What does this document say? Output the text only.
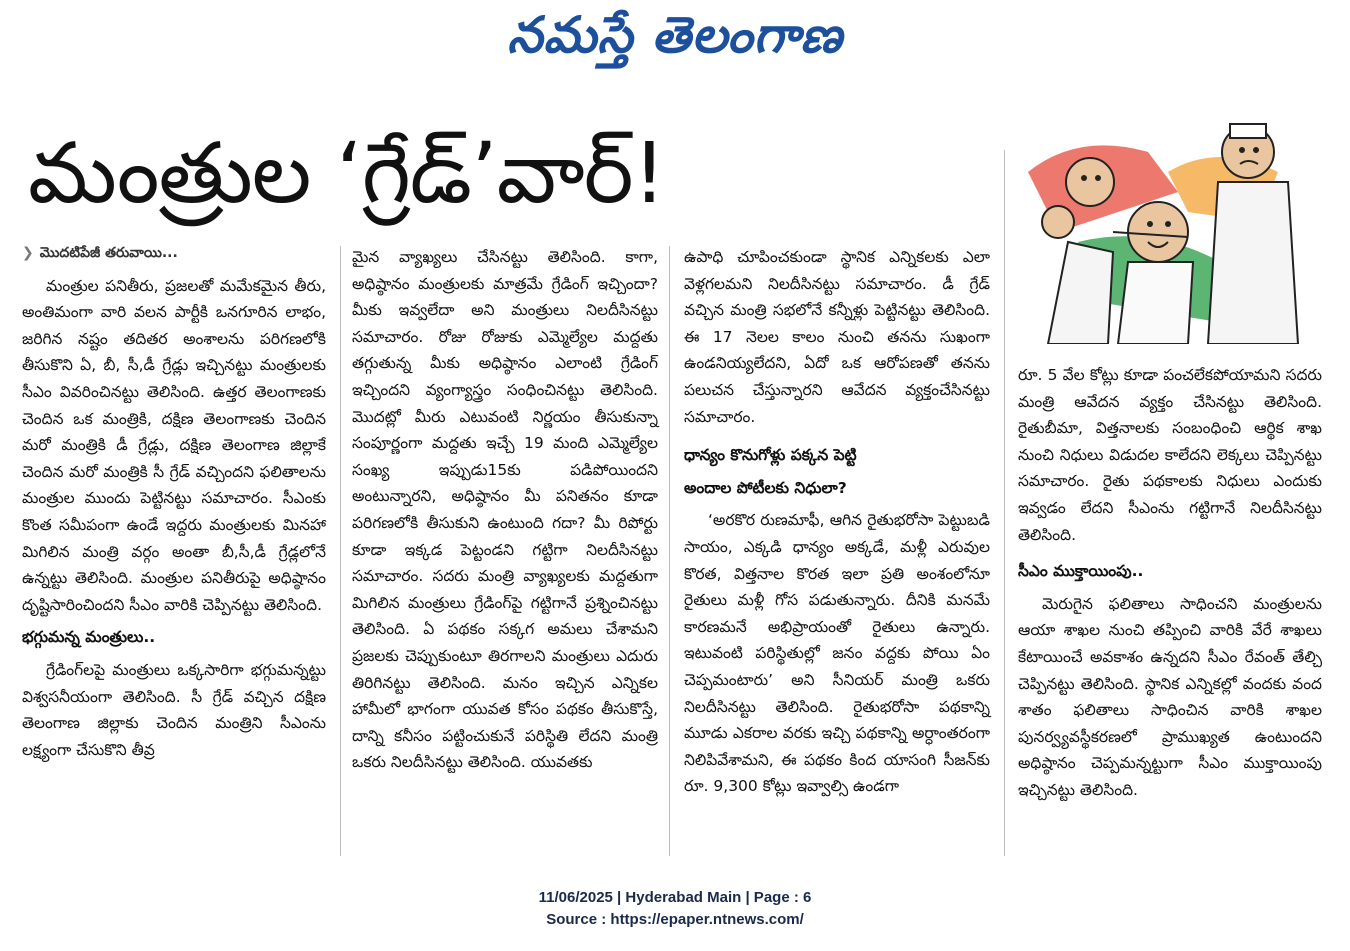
నమస్తే తెలంగాణ
మంత్రుల ‘గ్రేడ్’వార్!
❯ మొదటిపేజీ తరువాయి...

మంత్రుల పనితీరు, ప్రజలతో మమేకమైన తీరు, అంతిమంగా వారి వలన పార్టీకి ఒనగూరిన లాభం, జరిగిన నష్టం తదితర అంశాలను పరిగణలోకి తీసుకొని ఏ, బీ, సీ,డీ గ్రేడ్లు ఇచ్చినట్టు మంత్రులకు సీఎం వివరించినట్టు తెలిసింది. ఉత్తర తెలంగాణకు చెందిన ఒక మంత్రికి, దక్షిణ తెలంగాణకు చెందిన మరో మంత్రికి డీ గ్రేడ్లు, దక్షిణ తెలంగాణ జిల్లాకే చెందిన మరో మంత్రికి సీ గ్రేడ్ వచ్చిందని ఫలితాలను మంత్రుల ముందు పెట్టినట్టు సమాచారం. సీఎంకు కొంత సమీపంగా ఉండే ఇద్దరు మంత్రులకు మినహా మిగిలిన మంత్రి వర్గం అంతా బీ,సీ,డీ గ్రేడ్లలోనే ఉన్నట్టు తెలిసింది. మంత్రుల పనితీరుపై అధిష్ఠానం దృష్టిసారించిందని సీఎం వారికి చెప్పినట్టు తెలిసింది.

భగ్గుమన్న మంత్రులు..

గ్రేడింగ్‌లపై మంత్రులు ఒక్కసారిగా భగ్గుమన్నట్టు విశ్వసనీయంగా తెలిసింది. సీ గ్రేడ్ వచ్చిన దక్షిణ తెలంగాణ జిల్లాకు చెందిన మంత్రిని సీఎంను లక్ష్యంగా చేసుకొని తీవ్ర

మైన వ్యాఖ్యలు చేసినట్టు తెలిసింది. కాగా, అధిష్ఠానం మంత్రులకు మాత్రమే గ్రేడింగ్ ఇచ్చిందా? మీకు ఇవ్వలేదా అని మంత్రులు నిలదీసినట్టు సమాచారం. రోజు రోజుకు ఎమ్మెల్యేల మద్దతు తగ్గుతున్న మీకు అధిష్ఠానం ఎలాంటి గ్రేడింగ్ ఇచ్చిందని వ్యంగ్యాస్త్రం సంధించినట్టు తెలిసింది. మొదట్లో మీరు ఎటువంటి నిర్ణయం తీసుకున్నా సంపూర్ణంగా మద్దతు ఇచ్చే 19 మంది ఎమ్మెల్యేల సంఖ్య ఇప్పుడు15కు పడిపోయిందని అంటున్నారని, అధిష్ఠానం మీ పనితనం కూడా పరిగణలోకి తీసుకుని ఉంటుంది గదా? మీ రిపోర్టు కూడా ఇక్కడ పెట్టండని గట్టిగా నిలదీసినట్టు సమాచారం. సదరు మంత్రి వ్యాఖ్యలకు మద్దతుగా మిగిలిన మంత్రులు గ్రేడింగ్‌పై గట్టిగానే ప్రశ్నించినట్టు తెలిసింది. ఏ పథకం సక్కగ అమలు చేశామని ప్రజలకు చెప్పుకుంటూ తిరగాలని మంత్రులు ఎదురు తిరిగినట్టు తెలిసింది. మనం ఇచ్చిన ఎన్నికల హామీలో భాగంగా యువత కోసం పథకం తీసుకొస్తే, దాన్ని కనీసం పట్టించుకునే పరిస్థితి లేదని మంత్రి ఒకరు నిలదీసినట్టు తెలిసింది. యువతకు

ఉపాధి చూపించకుండా స్థానిక ఎన్నికలకు ఎలా వెళ్లగలమని నిలదీసినట్టు సమాచారం. డీ గ్రేడ్ వచ్చిన మంత్రి సభలోనే కన్నీళ్లు పెట్టినట్టు తెలిసింది. ఈ 17 నెలల కాలం నుంచి తనను సుఖంగా ఉండనియ్యలేదని, ఏదో ఒక ఆరోపణతో తనను పలుచన చేస్తున్నారని ఆవేదన వ్యక్తంచేసినట్టు సమాచారం.

ధాన్యం కొనుగోళ్లు పక్కన పెట్టి
అందాల పోటీలకు నిధులా?

‘అరకొర రుణమాఫీ, ఆగిన రైతుభరోసా పెట్టుబడి సాయం, ఎక్కడి ధాన్యం అక్కడే, మళ్లీ ఎరువుల కొరత, విత్తనాల కొరత ఇలా ప్రతి అంశంలోనూ రైతులు మళ్లీ గోస పడుతున్నారు. దీనికి మనమే కారణమనే అభిప్రాయంతో రైతులు ఉన్నారు. ఇటువంటి పరిస్థితుల్లో జనం వద్దకు పోయి ఏం చెప్పమంటారు’ అని సీనియర్ మంత్రి ఒకరు నిలదీసినట్టు తెలిసింది. రైతుభరోసా పథకాన్ని మూడు ఎకరాల వరకు ఇచ్చి పథకాన్ని అర్ధాంతరంగా నిలిపివేశామని, ఈ పథకం కింద యాసంగి సీజన్‌కు రూ. 9,300 కోట్లు ఇవ్వాల్సి ఉండగా

రూ. 5 వేల కోట్లు కూడా పంచలేకపోయామని సదరు మంత్రి ఆవేదన వ్యక్తం చేసినట్టు తెలిసింది. రైతుబీమా, విత్తనాలకు సంబంధించి ఆర్థిక శాఖ నుంచి నిధులు విడుదల కాలేదని లెక్కలు చెప్పినట్టు సమాచారం. రైతు పథకాలకు నిధులు ఎందుకు ఇవ్వడం లేదని సీఎంను గట్టిగానే నిలదీసినట్టు తెలిసింది.

సీఎం ముక్తాయింపు..

మెరుగైన ఫలితాలు సాధించని మంత్రులను ఆయా శాఖల నుంచి తప్పించి వారికి వేరే శాఖలు కేటాయించే అవకాశం ఉన్నదని సీఎం రేవంత్ తేల్చి చెప్పినట్టు తెలిసింది. స్థానిక ఎన్నికల్లో వందకు వంద శాతం ఫలితాలు సాధించిన వారికి శాఖల పునర్వ్యవస్థీకరణలో ప్రాముఖ్యత ఉంటుందని అధిష్ఠానం చెప్పమన్నట్టుగా సీఎం ముక్తాయింపు ఇచ్చినట్టు తెలిసింది.

11/06/2025 | Hyderabad Main | Page : 6
Source : https://epaper.ntnews.com/
